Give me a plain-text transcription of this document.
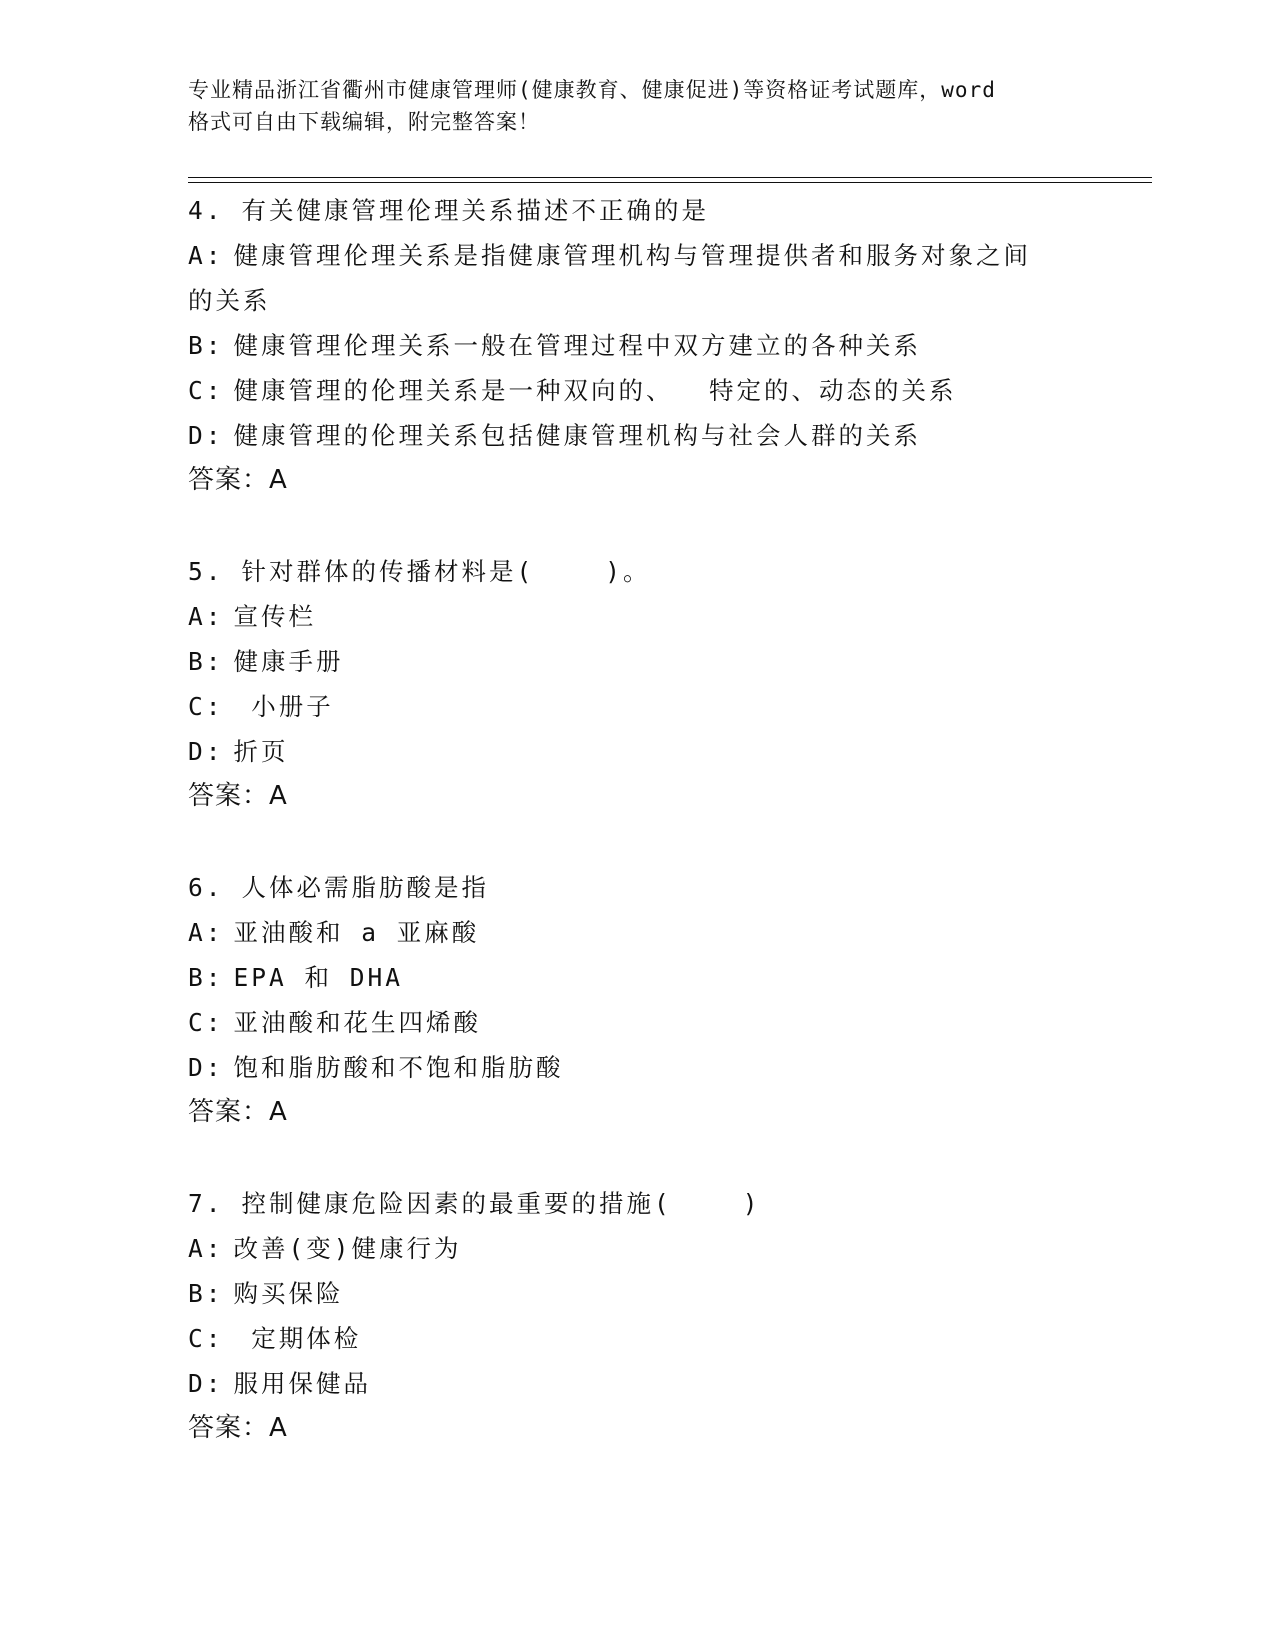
专业精品浙江省衢州市健康管理师(健康教育、健康促进)等资格证考试题库，word
格式可自由下载编辑，附完整答案！
4. 有关健康管理伦理关系描述不正确的是
A: 健康管理伦理关系是指健康管理机构与管理提供者和服务对象之间
的关系
B: 健康管理伦理关系一般在管理过程中双方建立的各种关系
C: 健康管理的伦理关系是一种双向的、  特定的、动态的关系
D: 健康管理的伦理关系包括健康管理机构与社会人群的关系
答案：A
5. 针对群体的传播材料是(    )。
A: 宣传栏
B: 健康手册
C: 小册子
D: 折页
答案：A
6. 人体必需脂肪酸是指
A: 亚油酸和 a 亚麻酸
B: EPA 和 DHA
C: 亚油酸和花生四烯酸
D: 饱和脂肪酸和不饱和脂肪酸
答案：A
7. 控制健康危险因素的最重要的措施(    )
A: 改善(变)健康行为
B: 购买保险
C: 定期体检
D: 服用保健品
答案：A
